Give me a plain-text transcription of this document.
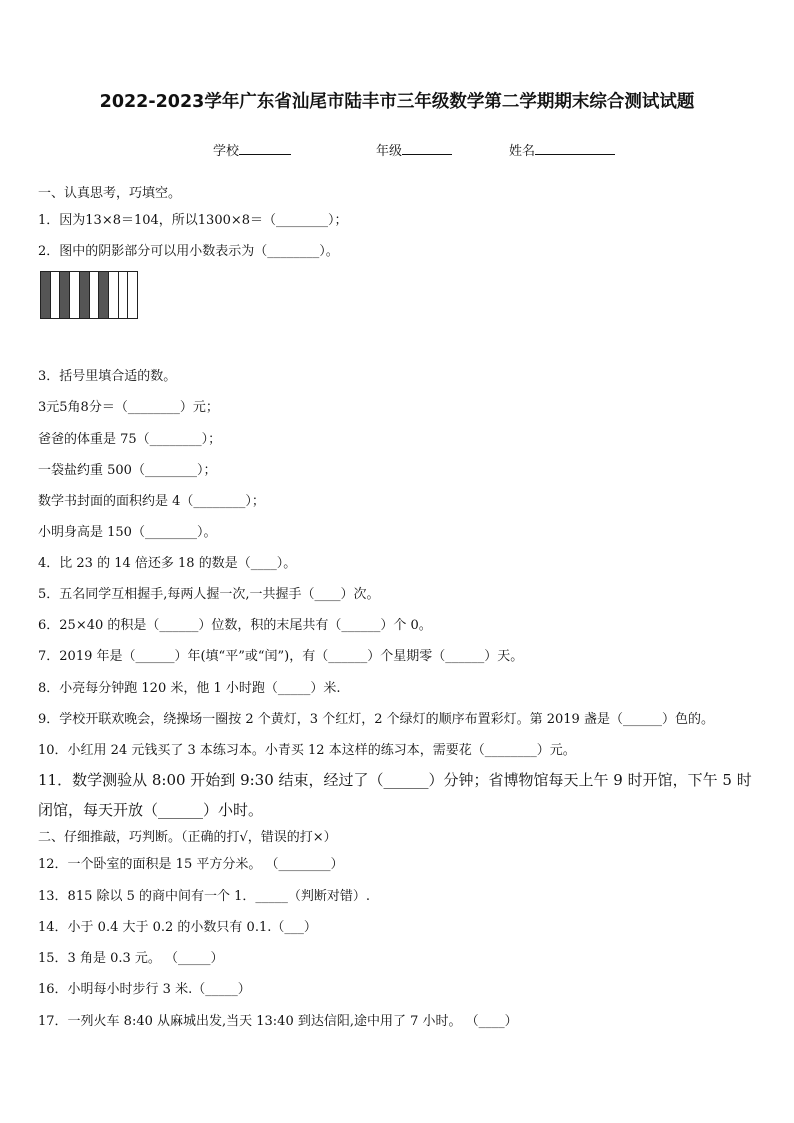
2022-2023学年广东省汕尾市陆丰市三年级数学第二学期期末综合测试试题
学校	年级	姓名
一、认真思考，巧填空。
1．因为13×8＝104，所以1300×8＝（________）；
2．图中的阴影部分可以用小数表示为（________）。
3．括号里填合适的数。
3元5角8分＝（________）元；
爸爸的体重是 75（________）；
一袋盐约重 500（________）；
数学书封面的面积约是 4（________）；
小明身高是 150（________）。
4．比 23 的 14 倍还多 18 的数是（____）。
5．五名同学互相握手,每两人握一次,一共握手（____）次。
6．25×40 的积是（______）位数，积的末尾共有（______）个 0。
7．2019 年是（______）年(填“平”或“闰”)，有（______）个星期零（______）天。
8．小亮每分钟跑 120 米，他 1 小时跑（_____）米.
9．学校开联欢晚会，绕操场一圈按 2 个黄灯，3 个红灯，2 个绿灯的顺序布置彩灯。第 2019 盏是（______）色的。
10．小红用 24 元钱买了 3 本练习本。小青买 12 本这样的练习本，需要花（________）元。
11．数学测验从 8:00 开始到 9:30 结束，经过了（______）分钟；省博物馆每天上午 9 时开馆，下午 5 时
闭馆，每天开放（______）小时。
二、仔细推敲，巧判断。（正确的打√，错误的打×）
12．一个卧室的面积是 15 平方分米。 （________）
13．815 除以 5 的商中间有一个 1．_____（判断对错）.
14．小于 0.4 大于 0.2 的小数只有 0.1.（___）
15．3 角是 0.3 元。 （_____）
16．小明每小时步行 3 米.（_____）
17．一列火车 8:40 从麻城出发,当天 13:40 到达信阳,途中用了 7 小时。 （____）
